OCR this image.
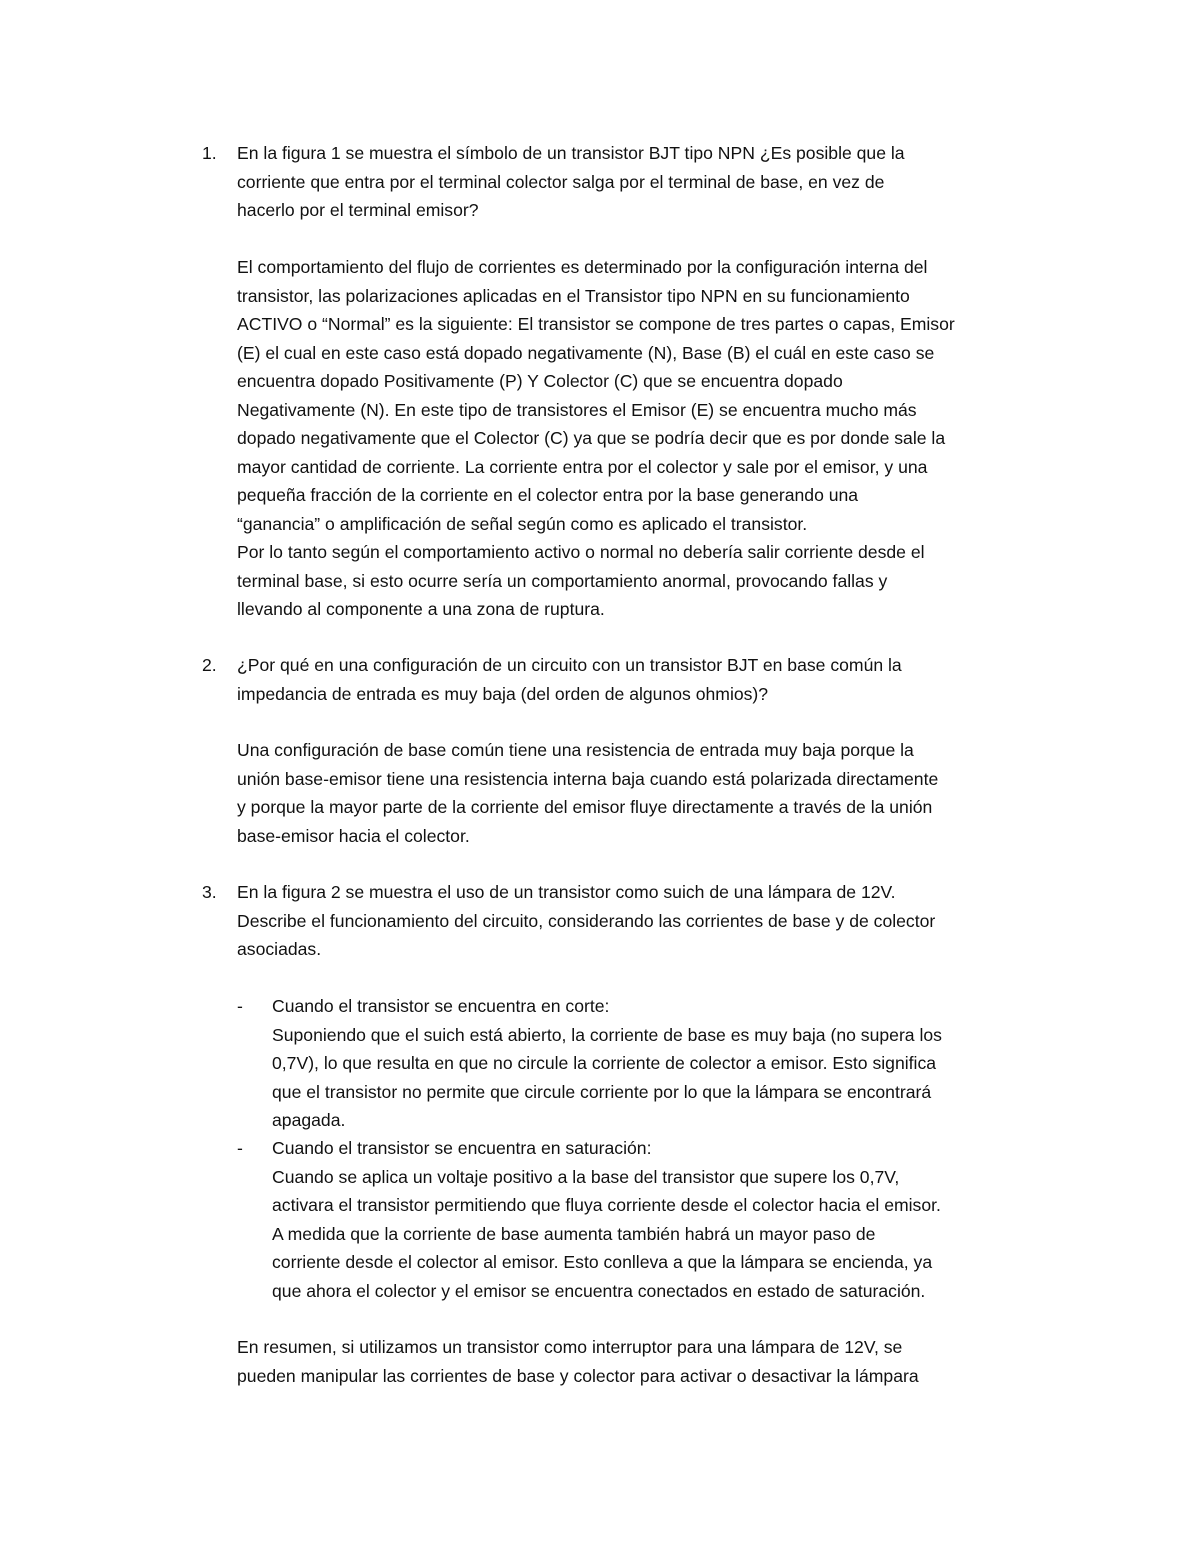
1.	En la figura 1 se muestra el símbolo de un transistor BJT tipo NPN ¿Es posible que la
corriente que entra por el terminal colector salga por el terminal de base, en vez de
hacerlo por el terminal emisor?
El comportamiento del flujo de corrientes es determinado por la configuración interna del
transistor, las polarizaciones aplicadas en el Transistor tipo NPN en su funcionamiento
ACTIVO o “Normal” es la siguiente: El transistor se compone de tres partes o capas, Emisor
(E) el cual en este caso está dopado negativamente (N), Base (B) el cuál en este caso se
encuentra dopado Positivamente (P) Y Colector (C) que se encuentra dopado
Negativamente (N). En este tipo de transistores el Emisor (E) se encuentra mucho más
dopado negativamente que el Colector (C) ya que se podría decir que es por donde sale la
mayor cantidad de corriente. La corriente entra por el colector y sale por el emisor, y una
pequeña fracción de la corriente en el colector entra por la base generando una
“ganancia” o amplificación de señal según como es aplicado el transistor.
Por lo tanto según el comportamiento activo o normal no debería salir corriente desde el
terminal base, si esto ocurre sería un comportamiento anormal, provocando fallas y
llevando al componente a una zona de ruptura.
2.	¿Por qué en una configuración de un circuito con un transistor BJT en base común la
impedancia de entrada es muy baja (del orden de algunos ohmios)?
Una configuración de base común tiene una resistencia de entrada muy baja porque la
unión base-emisor tiene una resistencia interna baja cuando está polarizada directamente
y porque la mayor parte de la corriente del emisor fluye directamente a través de la unión
base-emisor hacia el colector.
3.	En la figura 2 se muestra el uso de un transistor como suich de una lámpara de 12V.
Describe el funcionamiento del circuito, considerando las corrientes de base y de colector
asociadas.
-	Cuando el transistor se encuentra en corte:
Suponiendo que el suich está abierto, la corriente de base es muy baja (no supera los
0,7V), lo que resulta en que no circule la corriente de colector a emisor. Esto significa
que el transistor no permite que circule corriente por lo que la lámpara se encontrará
apagada.
-	Cuando el transistor se encuentra en saturación:
Cuando se aplica un voltaje positivo a la base del transistor que supere los 0,7V,
activara el transistor permitiendo que fluya corriente desde el colector hacia el emisor.
A medida que la corriente de base aumenta también habrá un mayor paso de
corriente desde el colector al emisor. Esto conlleva a que la lámpara se encienda, ya
que ahora el colector y el emisor se encuentra conectados en estado de saturación.
En resumen, si utilizamos un transistor como interruptor para una lámpara de 12V, se
pueden manipular las corrientes de base y colector para activar o desactivar la lámpara
